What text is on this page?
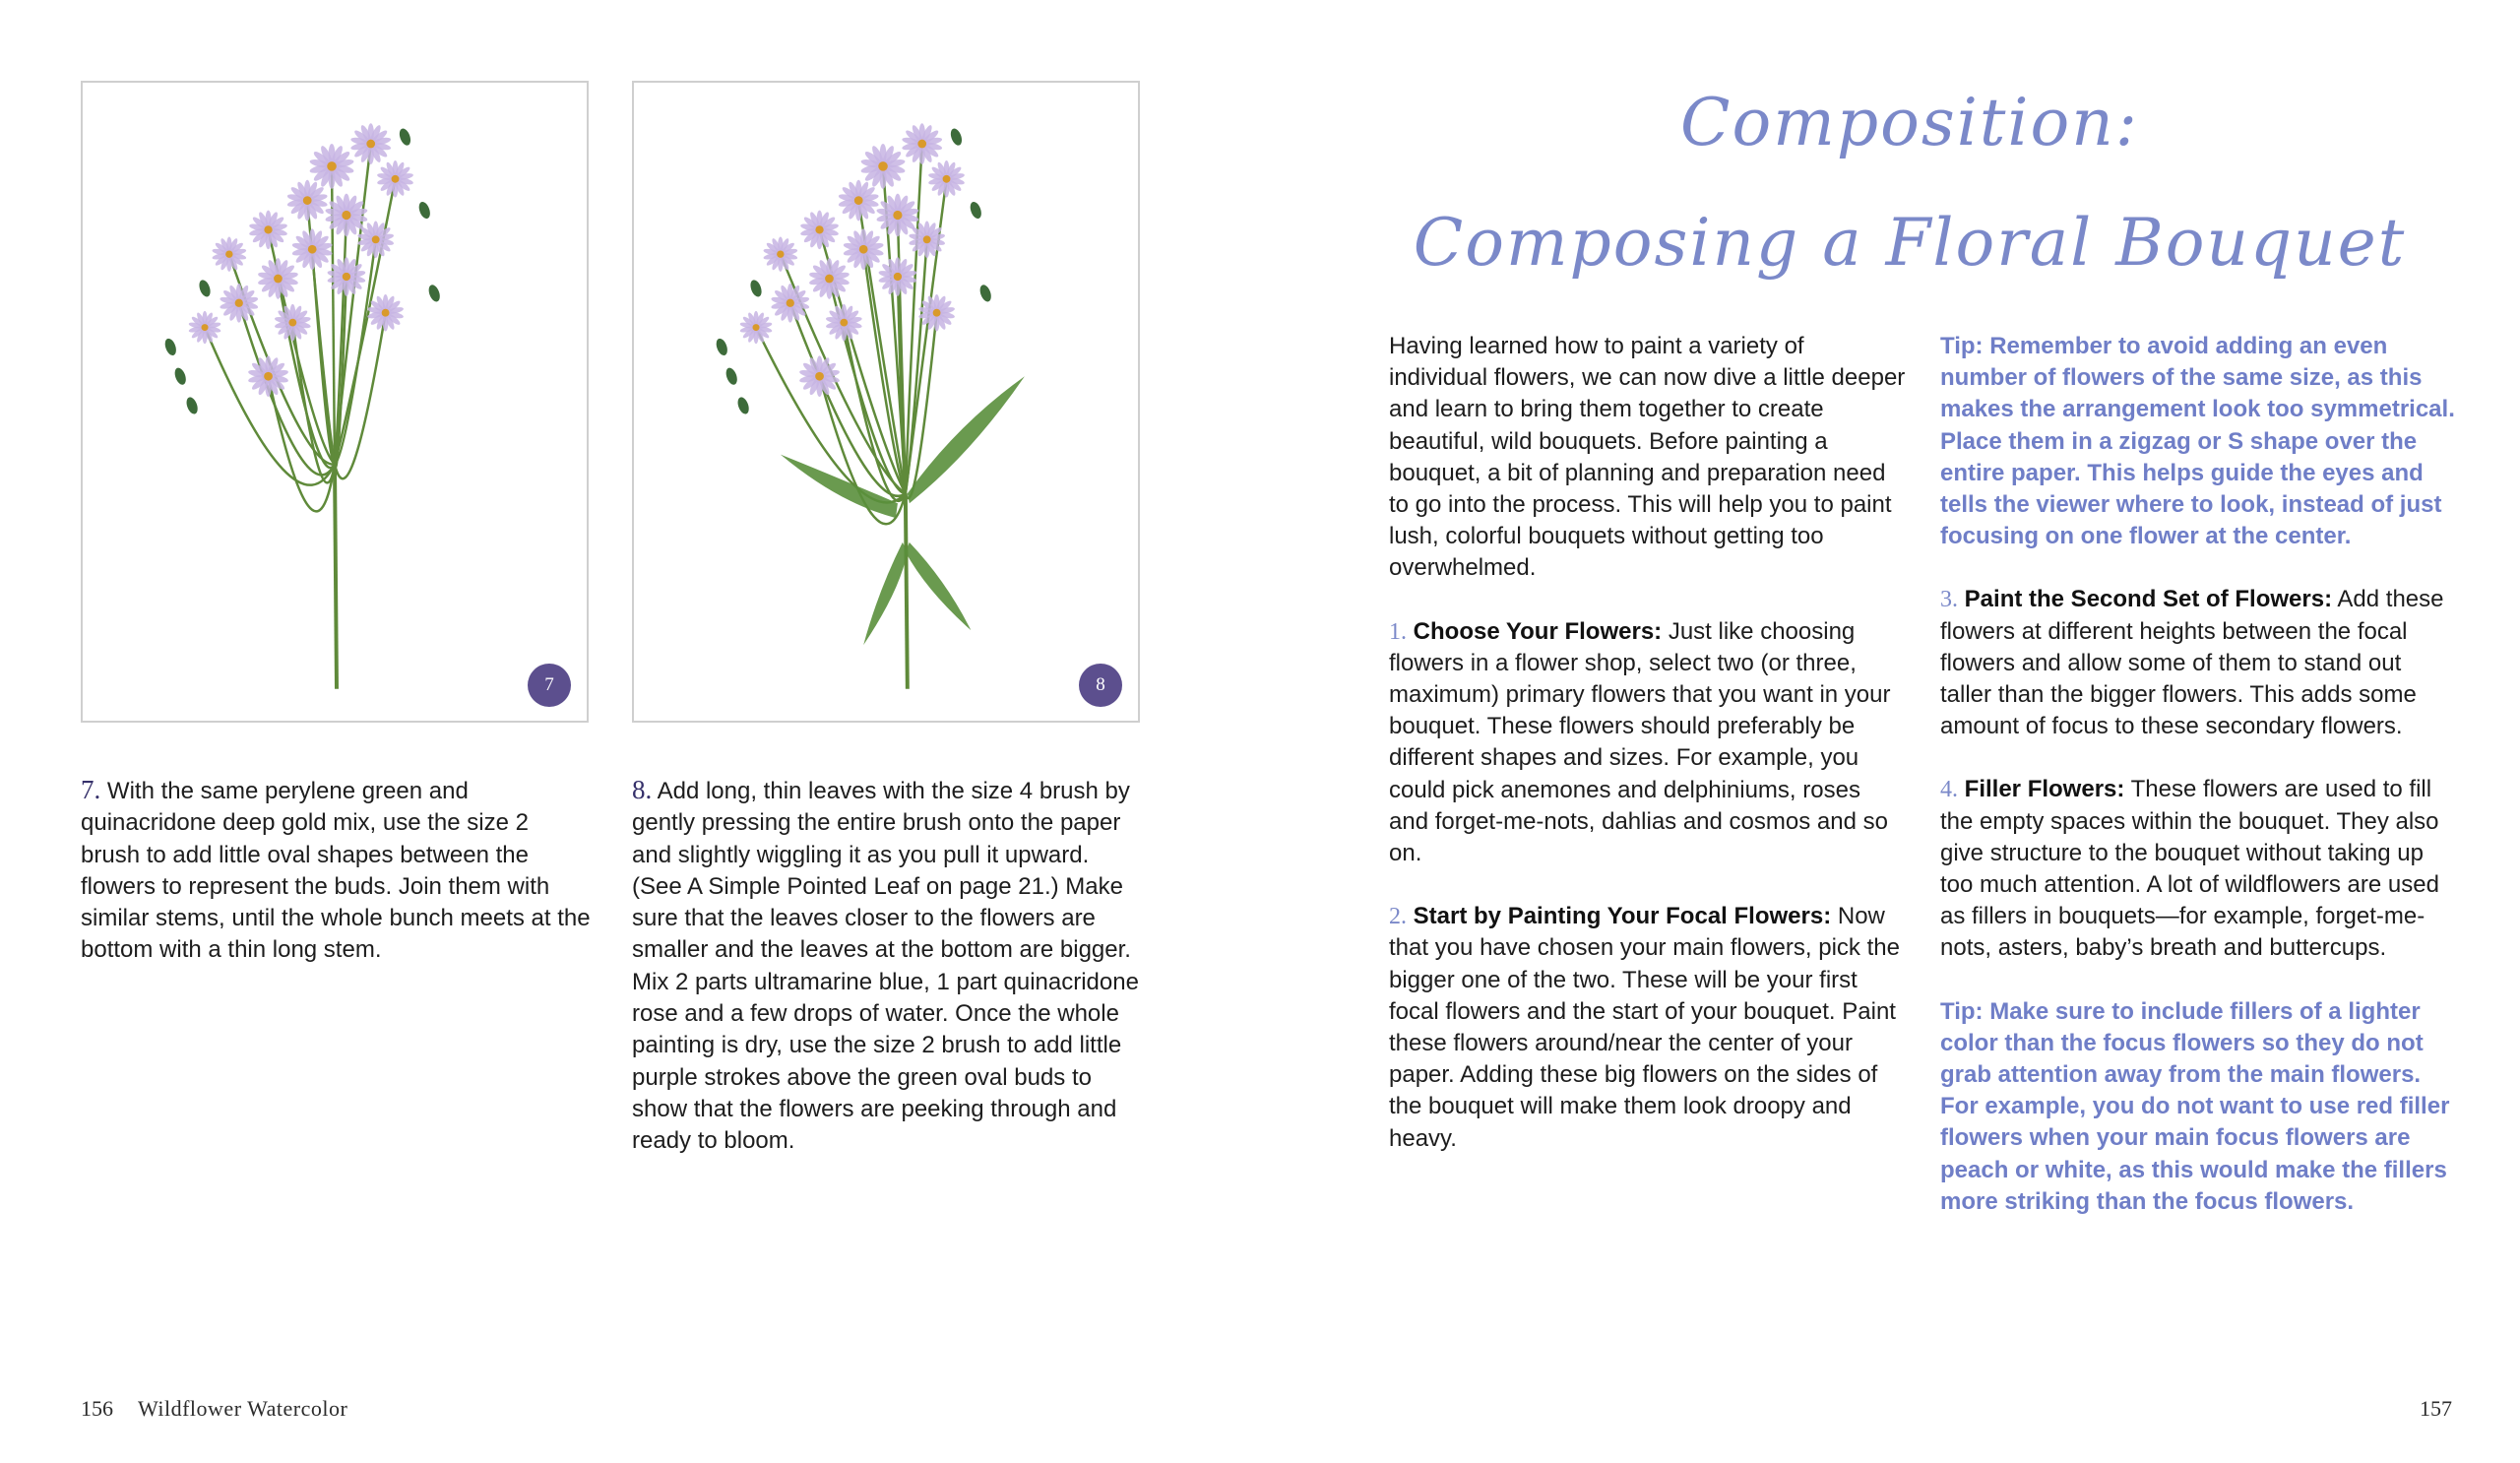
7	8
7. With the same perylene green and quinacridone deep gold mix, use the size 2 brush to add little oval shapes between the flowers to represent the buds. Join them with similar stems, until the whole bunch meets at the bottom with a thin long stem.
8. Add long, thin leaves with the size 4 brush by gently pressing the entire brush onto the paper and slightly wiggling it as you pull it upward. (See A Simple Pointed Leaf on page 21.) Make sure that the leaves closer to the flowers are smaller and the leaves at the bottom are bigger. Mix 2 parts ultramarine blue, 1 part quinacridone rose and a few drops of water. Once the whole painting is dry, use the size 2 brush to add little purple strokes above the green oval buds to show that the flowers are peeking through and ready to bloom.
Composition:
Composing a Floral Bouquet

Having learned how to paint a variety of individual flowers, we can now dive a little deeper and learn to bring them together to create beautiful, wild bouquets. Before painting a bouquet, a bit of planning and preparation need to go into the process. This will help you to paint lush, colorful bouquets without getting too overwhelmed.

1. Choose Your Flowers: Just like choosing flowers in a flower shop, select two (or three, maximum) primary flowers that you want in your bouquet. These flowers should preferably be different shapes and sizes. For example, you could pick anemones and delphiniums, roses and forget-me-nots, dahlias and cosmos and so on.

2. Start by Painting Your Focal Flowers: Now that you have chosen your main flowers, pick the bigger one of the two. These will be your first focal flowers and the start of your bouquet. Paint these flowers around/near the center of your paper. Adding these big flowers on the sides of the bouquet will make them look droopy and heavy.

Tip: Remember to avoid adding an even number of flowers of the same size, as this makes the arrangement look too symmetrical. Place them in a zigzag or S shape over the entire paper. This helps guide the eyes and tells the viewer where to look, instead of just focusing on one flower at the center.

3. Paint the Second Set of Flowers: Add these flowers at different heights between the focal flowers and allow some of them to stand out taller than the bigger flowers. This adds some amount of focus to these secondary flowers.

4. Filler Flowers: These flowers are used to fill the empty spaces within the bouquet. They also give structure to the bouquet without taking up too much attention. A lot of wildflowers are used as fillers in bouquets—for example, forget-me-nots, asters, baby’s breath and buttercups.

Tip: Make sure to include fillers of a lighter color than the focus flowers so they do not grab attention away from the main flowers. For example, you do not want to use red filler flowers when your main focus flowers are peach or white, as this would make the fillers more striking than the focus flowers.

156 Wildflower Watercolor	157
